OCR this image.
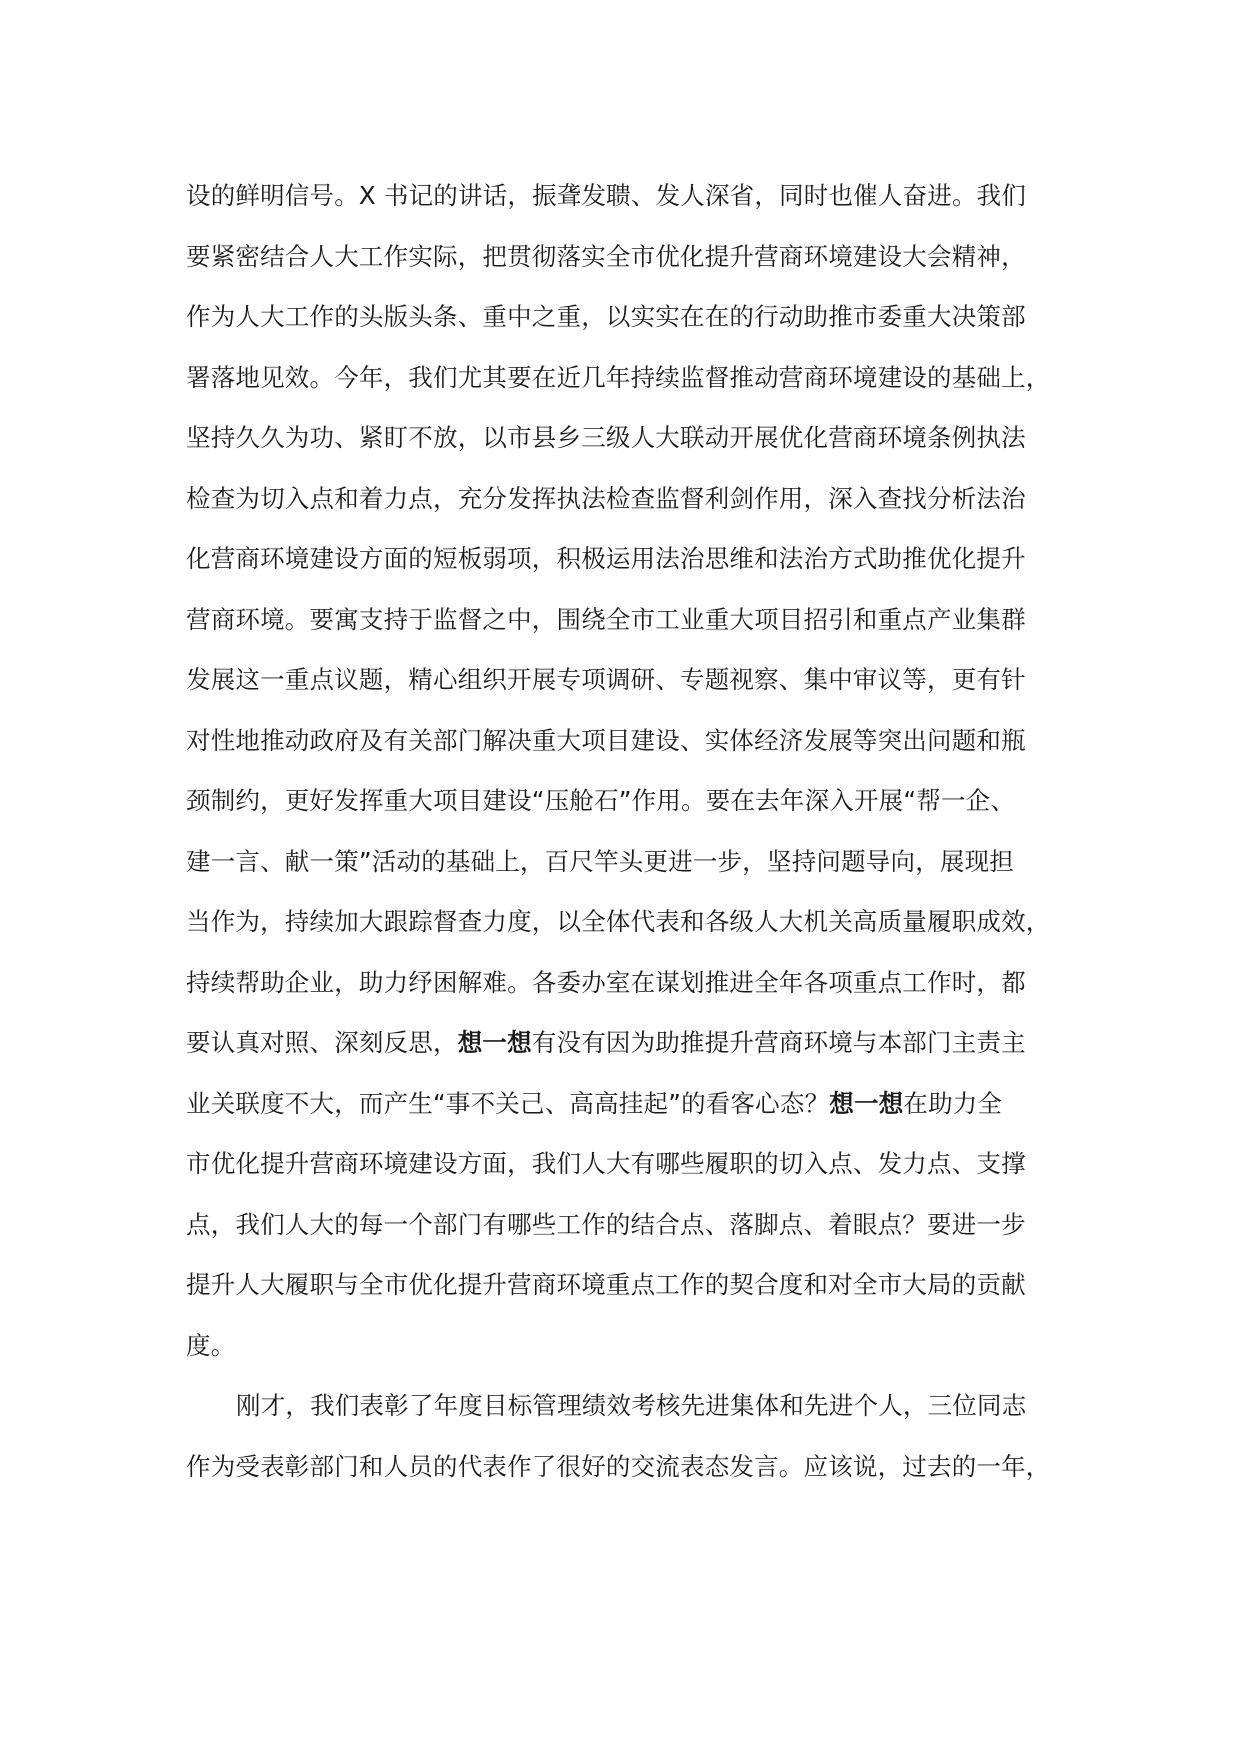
设的鲜明信号。X 书记的讲话，振聋发聩、发人深省，同时也催人奋进。我们
要紧密结合人大工作实际，把贯彻落实全市优化提升营商环境建设大会精神，
作为人大工作的头版头条、重中之重，以实实在在的行动助推市委重大决策部
署落地见效。今年，我们尤其要在近几年持续监督推动营商环境建设的基础上，
坚持久久为功、紧盯不放，以市县乡三级人大联动开展优化营商环境条例执法
检查为切入点和着力点，充分发挥执法检查监督利剑作用，深入查找分析法治
化营商环境建设方面的短板弱项，积极运用法治思维和法治方式助推优化提升
营商环境。要寓支持于监督之中，围绕全市工业重大项目招引和重点产业集群
发展这一重点议题，精心组织开展专项调研、专题视察、集中审议等，更有针
对性地推动政府及有关部门解决重大项目建设、实体经济发展等突出问题和瓶
颈制约，更好发挥重大项目建设“压舱石”作用。要在去年深入开展“帮一企、
建一言、献一策”活动的基础上，百尺竿头更进一步，坚持问题导向，展现担
当作为，持续加大跟踪督查力度，以全体代表和各级人大机关高质量履职成效，
持续帮助企业，助力纾困解难。各委办室在谋划推进全年各项重点工作时，都
要认真对照、深刻反思，想一想有没有因为助推提升营商环境与本部门主责主
业关联度不大，而产生“事不关己、高高挂起”的看客心态？想一想在助力全
市优化提升营商环境建设方面，我们人大有哪些履职的切入点、发力点、支撑
点，我们人大的每一个部门有哪些工作的结合点、落脚点、着眼点？要进一步
提升人大履职与全市优化提升营商环境重点工作的契合度和对全市大局的贡献
度。
刚才，我们表彰了年度目标管理绩效考核先进集体和先进个人，三位同志
作为受表彰部门和人员的代表作了很好的交流表态发言。应该说，过去的一年，
